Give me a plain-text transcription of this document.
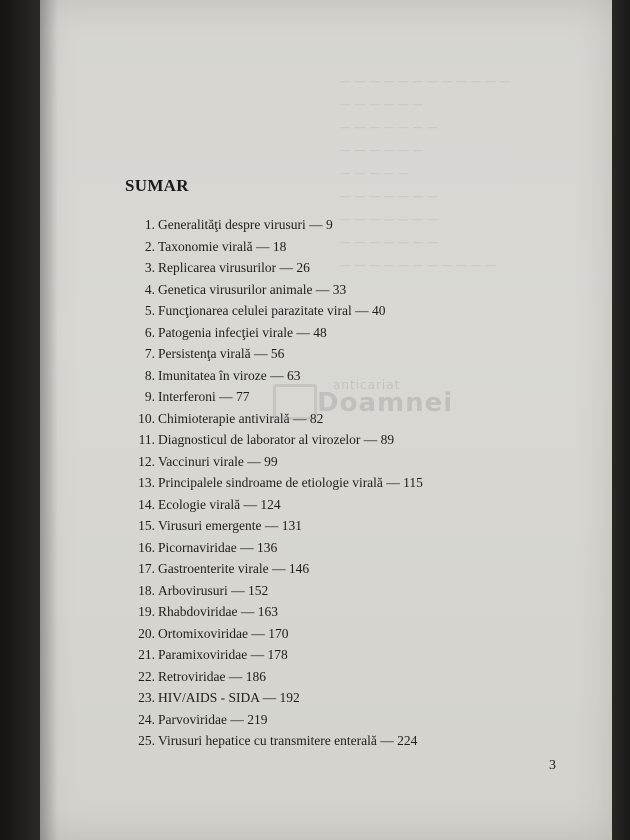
— — — — — — — — — — — —
— — — — — —
— — — — — — —
— — — — — —
— — — — —
— — — — — — —
— — — — — — —
— — — — — — —
— — — — — — — — — — —
SUMAR
1. Generalităţi despre virusuri — 9
2. Taxonomie virală — 18
3. Replicarea virusurilor — 26
4. Genetica virusurilor animale — 33
5. Funcţionarea celulei parazitate viral — 40
6. Patogenia infecţiei virale — 48
7. Persistenţa virală — 56
8. Imunitatea în viroze — 63
9. Interferoni — 77
10. Chimioterapie antivirală — 82
11. Diagnosticul de laborator al virozelor — 89
12. Vaccinuri virale — 99
13. Principalele sindroame de etiologie virală — 115
14. Ecologie virală — 124
15. Virusuri emergente — 131
16. Picornaviridae — 136
17. Gastroenterite virale — 146
18. Arbovirusuri — 152
19. Rhabdoviridae — 163
20. Ortomixoviridae — 170
21. Paramixoviridae — 178
22. Retroviridae — 186
23. HIV/AIDS - SIDA — 192
24. Parvoviridae — 219
25. Virusuri hepatice cu transmitere enterală — 224
anticariat
Doamnei
3
